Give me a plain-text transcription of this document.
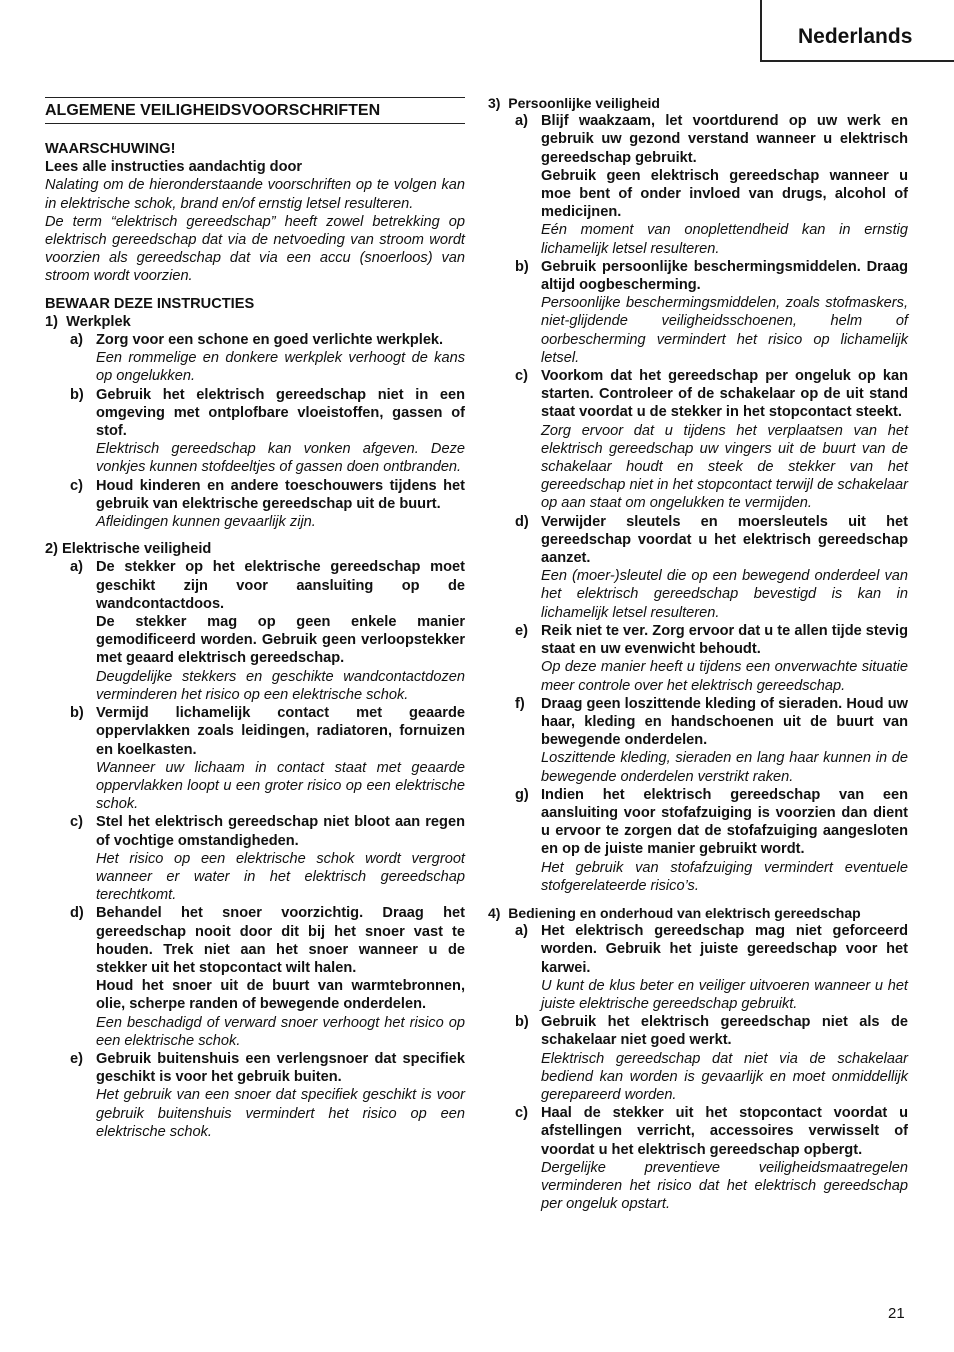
Nederlands
ALGEMENE VEILIGHEIDSVOORSCHRIFTEN

WAARSCHUWING!

Lees alle instructies aandachtig door

Nalating om de hieronderstaande voorschriften op te volgen kan in elektrische schok, brand en/of ernstig letsel resulteren.

De term “elektrisch gereedschap” heeft zowel betrekking op elektrisch gereedschap dat via de netvoeding van stroom wordt voorzien als gereedschap dat via een accu (snoerloos) van stroom wordt voorzien.

BEWAAR DEZE INSTRUCTIES

1) Werkplek

a) Zorg voor een schone en goed verlichte werkplek.

Een rommelige en donkere werkplek verhoogt de kans op ongelukken.

b) Gebruik het elektrisch gereedschap niet in een omgeving met ontplofbare vloeistoffen, gassen of stof.

Elektrisch gereedschap kan vonken afgeven. Deze vonkjes kunnen stofdeeltjes of gassen doen ontbranden.

c) Houd kinderen en andere toeschouwers tijdens het gebruik van elektrische gereedschap uit de buurt.

Afleidingen kunnen gevaarlijk zijn.

2) Elektrische veiligheid

a) De stekker op het elektrische gereedschap moet geschikt zijn voor aansluiting op de wandcontactdoos.

De stekker mag op geen enkele manier gemodificeerd worden. Gebruik geen verloopstekker met geaard elektrisch gereedschap.

Deugdelijke stekkers en geschikte wandcontactdozen verminderen het risico op een elektrische schok.

b) Vermijd lichamelijk contact met geaarde oppervlakken zoals leidingen, radiatoren, fornuizen en koelkasten.

Wanneer uw lichaam in contact staat met geaarde oppervlakken loopt u een groter risico op een elektrische schok.

c) Stel het elektrisch gereedschap niet bloot aan regen of vochtige omstandigheden.

Het risico op een elektrische schok wordt vergroot wanneer er water in het elektrisch gereedschap terechtkomt.

d) Behandel het snoer voorzichtig. Draag het gereedschap nooit door dit bij het snoer vast te houden. Trek niet aan het snoer wanneer u de stekker uit het stopcontact wilt halen.

Houd het snoer uit de buurt van warmtebronnen, olie, scherpe randen of bewegende onderdelen.

Een beschadigd of verward snoer verhoogt het risico op een elektrische schok.

e) Gebruik buitenshuis een verlengsnoer dat specifiek geschikt is voor het gebruik buiten.

Het gebruik van een snoer dat specifiek geschikt is voor gebruik buitenshuis vermindert het risico op een elektrische schok.

3) Persoonlijke veiligheid

a) Blijf waakzaam, let voortdurend op uw werk en gebruik uw gezond verstand wanneer u elektrisch gereedschap gebruikt.

Gebruik geen elektrisch gereedschap wanneer u moe bent of onder invloed van drugs, alcohol of medicijnen.

Eén moment van onoplettendheid kan in ernstig lichamelijk letsel resulteren.

b) Gebruik persoonlijke beschermingsmiddelen. Draag altijd oogbescherming.

Persoonlijke beschermingsmiddelen, zoals stofmaskers, niet-glijdende veiligheidsschoenen, helm of oorbescherming vermindert het risico op lichamelijk letsel.

c) Voorkom dat het gereedschap per ongeluk op kan starten. Controleer of de schakelaar op de uit stand staat voordat u de stekker in het stopcontact steekt.

Zorg ervoor dat u tijdens het verplaatsen van het elektrisch gereedschap uw vingers uit de buurt van de schakelaar houdt en steek de stekker van het gereedschap niet in het stopcontact terwijl de schakelaar op aan staat om ongelukken te vermijden.

d) Verwijder sleutels en moersleutels uit het gereedschap voordat u het elektrisch gereedschap aanzet.

Een (moer-)sleutel die op een bewegend onderdeel van het elektrisch gereedschap bevestigd is kan in lichamelijk letsel resulteren.

e) Reik niet te ver. Zorg ervoor dat u te allen tijde stevig staat en uw evenwicht behoudt.

Op deze manier heeft u tijdens een onverwachte situatie meer controle over het elektrisch gereedschap.

f)	Draag geen loszittende kleding of sieraden. Houd uw haar, kleding en handschoenen uit de buurt van bewegende onderdelen.

Loszittende kleding, sieraden en lang haar kunnen in de bewegende onderdelen verstrikt raken.

g) Indien het elektrisch gereedschap van een aansluiting voor stofafzuiging is voorzien dan dient u ervoor te zorgen dat de stofafzuiging aangesloten en op de juiste manier gebruikt wordt.

Het gebruik van stofafzuiging vermindert eventuele stofgerelateerde risico’s.

4) Bediening en onderhoud van elektrisch gereedschap

a) Het elektrisch gereedschap mag niet geforceerd worden. Gebruik het juiste gereedschap voor het karwei.

U kunt de klus beter en veiliger uitvoeren wanneer u het juiste elektrische gereedschap gebruikt.

b) Gebruik het elektrisch gereedschap niet als de schakelaar niet goed werkt.

Elektrisch gereedschap dat niet via de schakelaar bediend kan worden is gevaarlijk en moet onmiddellijk gerepareerd worden.

c) Haal de stekker uit het stopcontact voordat u afstellingen verricht, accessoires verwisselt of voordat u het elektrisch gereedschap opbergt.

Dergelijke preventieve veiligheidsmaatregelen verminderen het risico dat het elektrisch gereedschap per ongeluk opstart.

21
